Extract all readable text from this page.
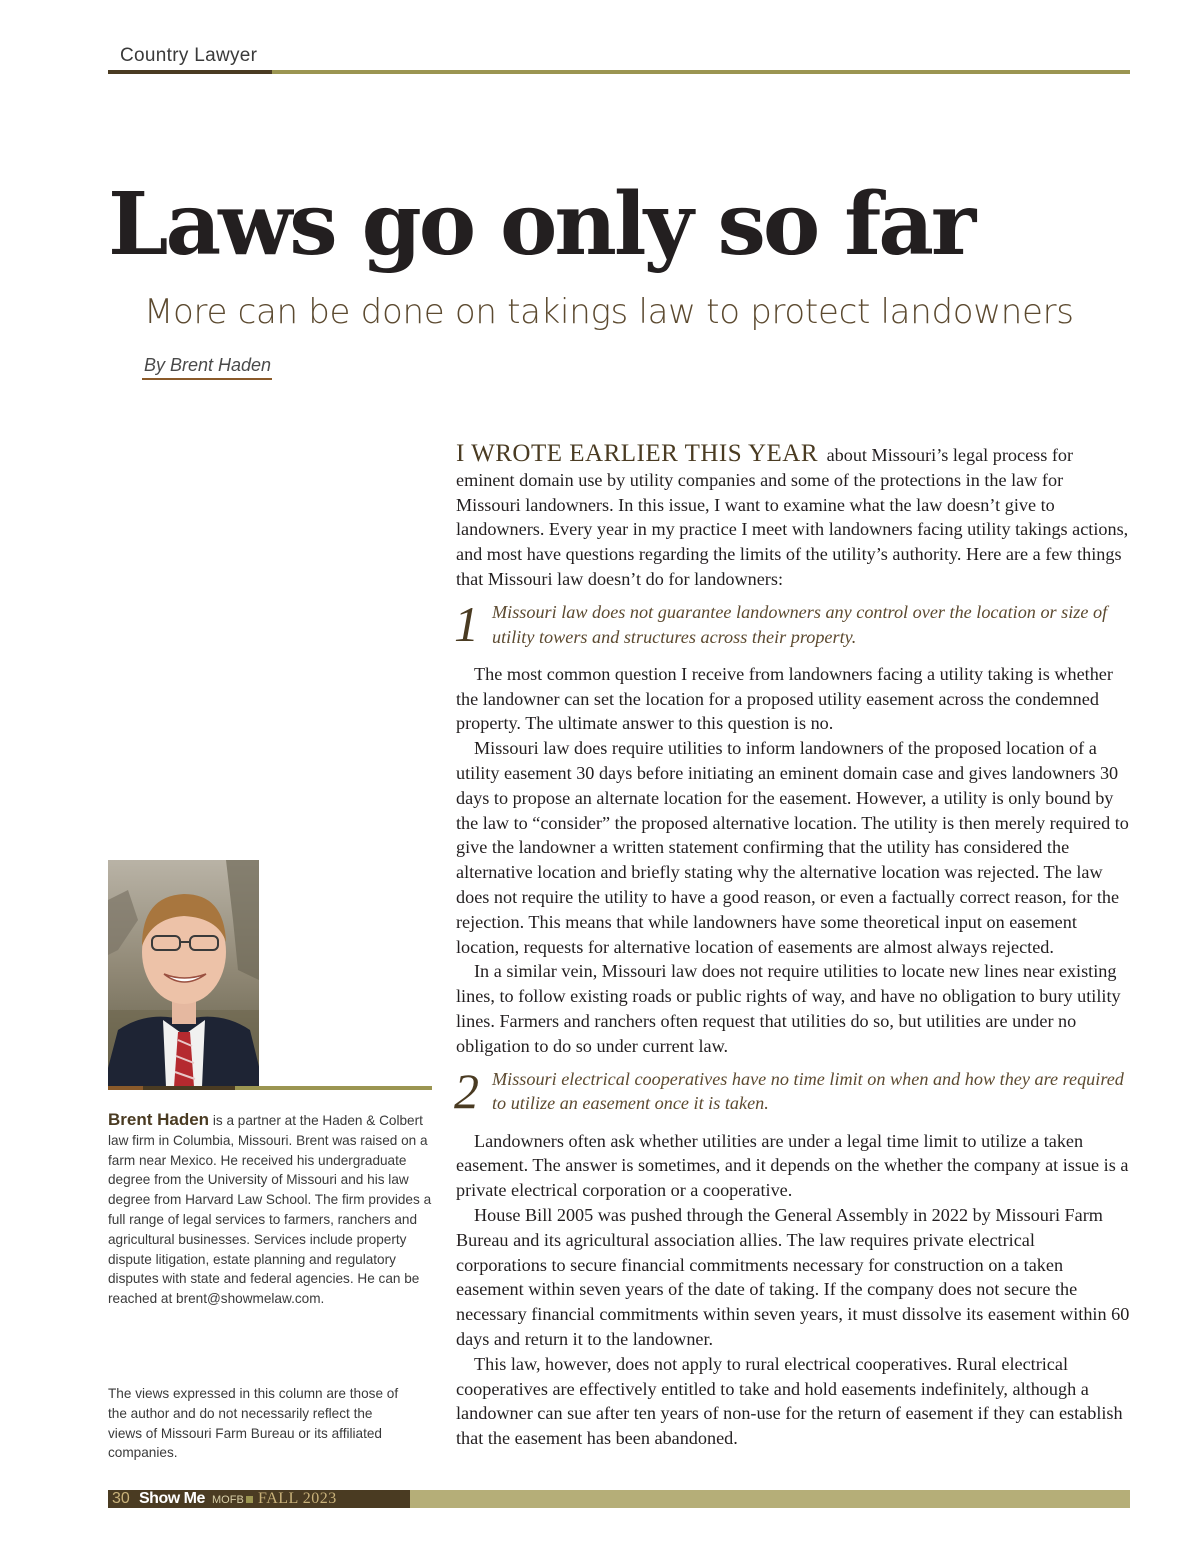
Country Lawyer
Laws go only so far
More can be done on takings law to protect landowners
By Brent Haden
Brent Haden is a partner at the Haden & Colbert law firm in Columbia, Missouri. Brent was raised on a farm near Mexico. He received his undergraduate degree from the University of Missouri and his law degree from Harvard Law School. The firm provides a full range of legal services to farmers, ranchers and agricultural businesses. Services include property dispute litigation, estate planning and regulatory disputes with state and federal agencies. He can be reached at brent@showmelaw.com.
The views expressed in this column are those of the author and do not necessarily reflect the views of Missouri Farm Bureau or its affiliated companies.

I WROTE EARLIER THIS YEAR about Missouri’s legal process for eminent domain use by utility companies and some of the protections in the law for Missouri landowners. In this issue, I want to examine what the law doesn’t give to landowners. Every year in my practice I meet with landowners facing utility takings actions, and most have questions regarding the limits of the utility’s authority. Here are a few things that Missouri law doesn’t do for landowners:

1 Missouri law does not guarantee landowners any control over the location or size of utility towers and structures across their property.

The most common question I receive from landowners facing a utility taking is whether the landowner can set the location for a proposed utility easement across the condemned property. The ultimate answer to this question is no.

Missouri law does require utilities to inform landowners of the proposed location of a utility easement 30 days before initiating an eminent domain case and gives landowners 30 days to propose an alternate location for the easement. However, a utility is only bound by the law to “consider” the proposed alternative location. The utility is then merely required to give the landowner a written statement confirming that the utility has considered the alternative location and briefly stating why the alternative location was rejected. The law does not require the utility to have a good reason, or even a factually correct reason, for the rejection. This means that while landowners have some theoretical input on easement location, requests for alternative location of easements are almost always rejected.

In a similar vein, Missouri law does not require utilities to locate new lines near existing lines, to follow existing roads or public rights of way, and have no obligation to bury utility lines. Farmers and ranchers often request that utilities do so, but utilities are under no obligation to do so under current law.

2 Missouri electrical cooperatives have no time limit on when and how they are required to utilize an easement once it is taken.

Landowners often ask whether utilities are under a legal time limit to utilize a taken easement. The answer is sometimes, and it depends on the whether the company at issue is a private electrical corporation or a cooperative.

House Bill 2005 was pushed through the General Assembly in 2022 by Missouri Farm Bureau and its agricultural association allies. The law requires private electrical corporations to secure financial commitments necessary for construction on a taken easement within seven years of the date of taking. If the company does not secure the necessary financial commitments within seven years, it must dissolve its easement within 60 days and return it to the landowner.

This law, however, does not apply to rural electrical cooperatives. Rural electrical cooperatives are effectively entitled to take and hold easements indefinitely, although a landowner can sue after ten years of non-use for the return of easement if they can establish that the easement has been abandoned.

30 Show Me MOFB FALL 2023
